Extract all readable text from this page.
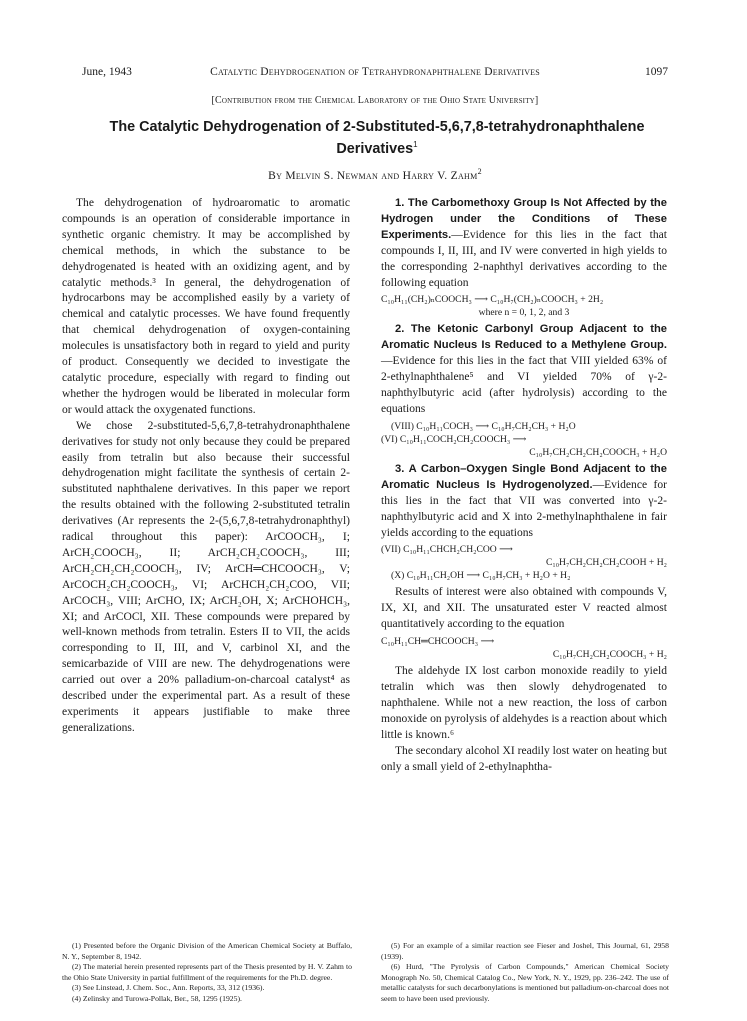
June, 1943	Catalytic Dehydrogenation of Tetrahydronaphthalene Derivatives	1097
[Contribution from the Chemical Laboratory of the Ohio State University]
The Catalytic Dehydrogenation of 2-Substituted-5,6,7,8-tetrahydronaphthalene Derivatives$^1$
By Melvin S. Newman and Harry V. Zahm$^2$

The dehydrogenation of hydroaromatic to aromatic compounds is an operation of considerable importance in synthetic organic chemistry. It may be accomplished by chemical methods, in which the substance to be dehydrogenated is heated with an oxidizing agent, and by catalytic methods.³ In general, the dehydrogenation of hydrocarbons may be accomplished easily by a variety of chemical and catalytic processes. We have found frequently that chemical dehydrogenation of oxygen-containing molecules is unsatisfactory both in regard to yield and purity of product. Consequently we decided to investigate the catalytic procedure, especially with regard to finding out whether the hydrogen would be liberated in molecular form or would attack the oxygenated functions.

We chose 2-substituted-5,6,7,8-tetrahydronaphthalene derivatives for study not only because they could be prepared easily from tetralin but also because their successful dehydrogenation might facilitate the synthesis of certain 2-substituted naphthalene derivatives. In this paper we report the results obtained with the following 2-substituted tetralin derivatives (Ar represents the 2-(5,6,7,8-tetrahydronaphthyl) radical throughout this paper): ArCOOCH₃, I; ArCH₂COOCH₃, II; ArCH₂CH₂COOCH₃, III; ArCH₂CH₂CH₂COOCH₃, IV; ArCH═CHCOOCH₃, V; ArCOCH₂CH₂COOCH₃, VI; ArCHCH₂CH₂COO, VII; ArCOCH₃, VIII; ArCHO, IX; ArCH₂OH, X; ArCHOHCH₃, XI; and ArCOCl, XII. These compounds were prepared by well-known methods from tetralin. Esters II to VII, the acids corresponding to II, III, and V, carbinol XI, and the semicarbazide of VIII are new. The dehydrogenations were carried out over a 20% palladium-on-charcoal catalyst⁴ as described under the experimental part. As a result of these experiments it appears justifiable to make three generalizations.

1. The Carbomethoxy Group Is Not Affected by the Hydrogen under the Conditions of These Experiments.—Evidence for this lies in the fact that compounds I, II, III, and IV were converted in high yields to the corresponding 2-naphthyl derivatives according to the following equation

C₁₀H₁₁(CH₂)ₙCOOCH₃ ⟶ C₁₀H₇(CH₂)ₙCOOCH₃ + 2H₂
where n = 0, 1, 2, and 3

2. The Ketonic Carbonyl Group Adjacent to the Aromatic Nucleus Is Reduced to a Methylene Group.—Evidence for this lies in the fact that VIII yielded 63% of 2-ethylnaphthalene⁵ and VI yielded 70% of γ-2-naphthylbutyric acid (after hydrolysis) according to the equations

(VIII) C₁₀H₁₁COCH₃ ⟶ C₁₀H₇CH₂CH₃ + H₂O
(VI) C₁₀H₁₁COCH₂CH₂COOCH₃ ⟶
C₁₀H₇CH₂CH₂CH₂COOCH₃ + H₂O

3. A Carbon–Oxygen Single Bond Adjacent to the Aromatic Nucleus Is Hydrogenolyzed.—Evidence for this lies in the fact that VII was converted into γ-2-naphthylbutyric acid and X into 2-methylnaphthalene in fair yields according to the equations

(VII) C₁₀H₁₁CHCH₂CH₂COO ⟶
C₁₀H₇CH₂CH₂CH₂COOH + H₂
(X) C₁₀H₁₁CH₂OH ⟶ C₁₀H₇CH₃ + H₂O + H₂

Results of interest were also obtained with compounds V, IX, XI, and XII. The unsaturated ester V reacted almost quantitatively according to the equation

C₁₀H₁₁CH═CHCOOCH₃ ⟶
C₁₀H₇CH₂CH₂COOCH₃ + H₂

The aldehyde IX lost carbon monoxide readily to yield tetralin which was then slowly dehydrogenated to naphthalene. While not a new reaction, the loss of carbon monoxide on pyrolysis of aldehydes is a reaction about which little is known.⁶

The secondary alcohol XI readily lost water on heating but only a small yield of 2-ethylnaphtha-

(1) Presented before the Organic Division of the American Chemical Society at Buffalo, N. Y., September 8, 1942.
(2) The material herein presented represents part of the Thesis presented by H. V. Zahm to the Ohio State University in partial fulfillment of the requirements for the Ph.D. degree.
(3) See Linstead, J. Chem. Soc., Ann. Reports, 33, 312 (1936).
(4) Zelinsky and Turowa-Pollak, Ber., 58, 1295 (1925).
(5) For an example of a similar reaction see Fieser and Joshel, This Journal, 61, 2958 (1939).
(6) Hurd, "The Pyrolysis of Carbon Compounds," American Chemical Society Monograph No. 50, Chemical Catalog Co., New York, N. Y., 1929, pp. 236–242. The use of metallic catalysts for such decarbonylations is mentioned but palladium-on-charcoal does not seem to have been used previously.
